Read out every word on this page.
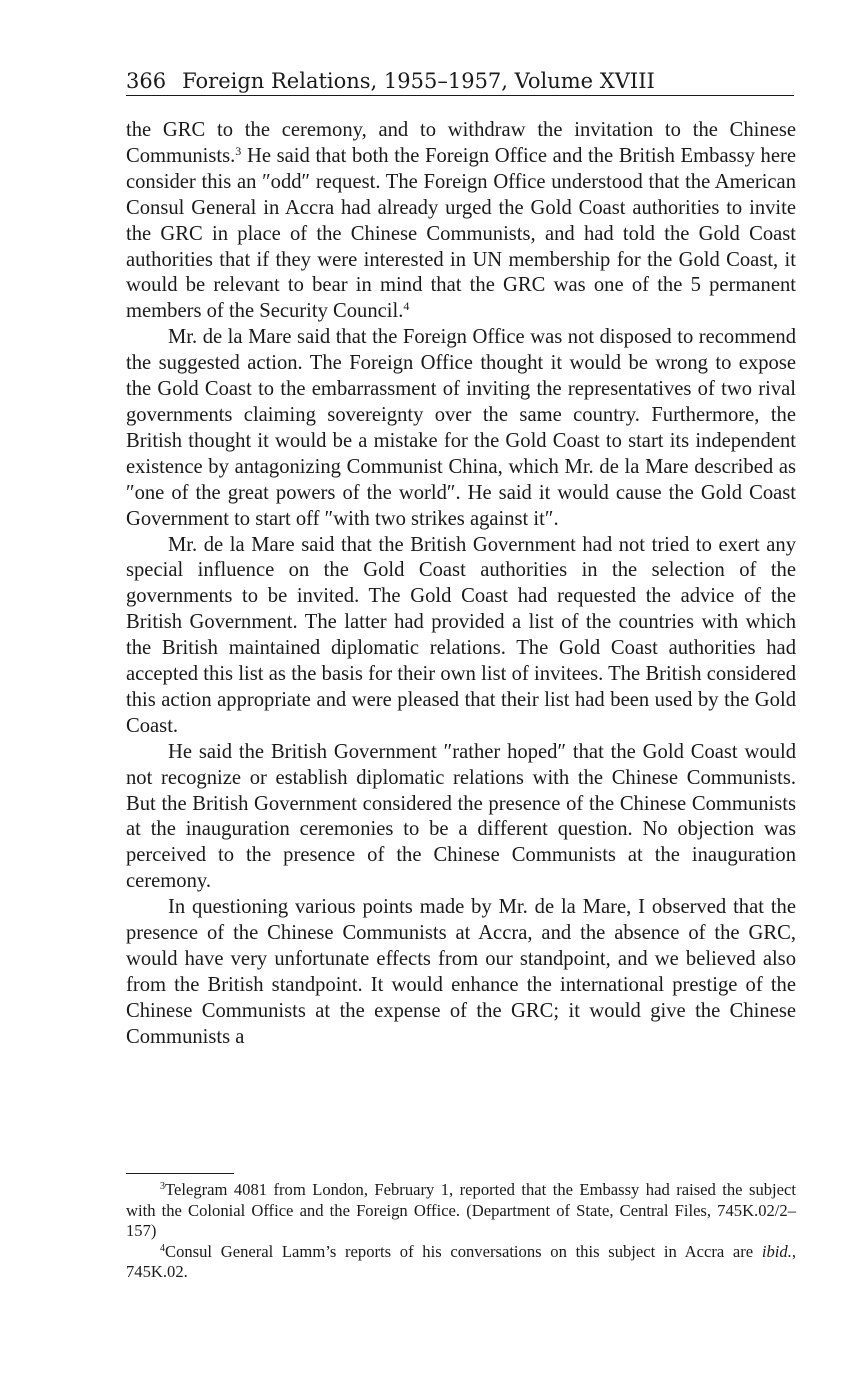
366 Foreign Relations, 1955–1957, Volume XVIII

the GRC to the ceremony, and to withdraw the invitation to the Chinese Communists.$^3$ He said that both the Foreign Office and the British Embassy here consider this an ″odd″ request. The Foreign Office understood that the American Consul General in Accra had already urged the Gold Coast authorities to invite the GRC in place of the Chinese Communists, and had told the Gold Coast authorities that if they were interested in UN membership for the Gold Coast, it would be relevant to bear in mind that the GRC was one of the 5 permanent members of the Security Council.$^4$

Mr. de la Mare said that the Foreign Office was not disposed to recommend the suggested action. The Foreign Office thought it would be wrong to expose the Gold Coast to the embarrassment of inviting the representatives of two rival governments claiming sovereignty over the same country. Furthermore, the British thought it would be a mistake for the Gold Coast to start its independent existence by antagonizing Communist China, which Mr. de la Mare described as ″one of the great powers of the world″. He said it would cause the Gold Coast Government to start off ″with two strikes against it″.

Mr. de la Mare said that the British Government had not tried to exert any special influence on the Gold Coast authorities in the selection of the governments to be invited. The Gold Coast had requested the advice of the British Government. The latter had provided a list of the countries with which the British maintained diplomatic relations. The Gold Coast authorities had accepted this list as the basis for their own list of invitees. The British considered this action appropriate and were pleased that their list had been used by the Gold Coast.

He said the British Government ″rather hoped″ that the Gold Coast would not recognize or establish diplomatic relations with the Chinese Communists. But the British Government considered the presence of the Chinese Communists at the inauguration ceremonies to be a different question. No objection was perceived to the presence of the Chinese Communists at the inauguration ceremony.

In questioning various points made by Mr. de la Mare, I observed that the presence of the Chinese Communists at Accra, and the absence of the GRC, would have very unfortunate effects from our standpoint, and we believed also from the British standpoint. It would enhance the international prestige of the Chinese Communists at the expense of the GRC; it would give the Chinese Communists a

$^3$Telegram 4081 from London, February 1, reported that the Embassy had raised the subject with the Colonial Office and the Foreign Office. (Department of State, Central Files, 745K.02/2–157)

$^4$Consul General Lamm’s reports of his conversations on this subject in Accra are ibid., 745K.02.
